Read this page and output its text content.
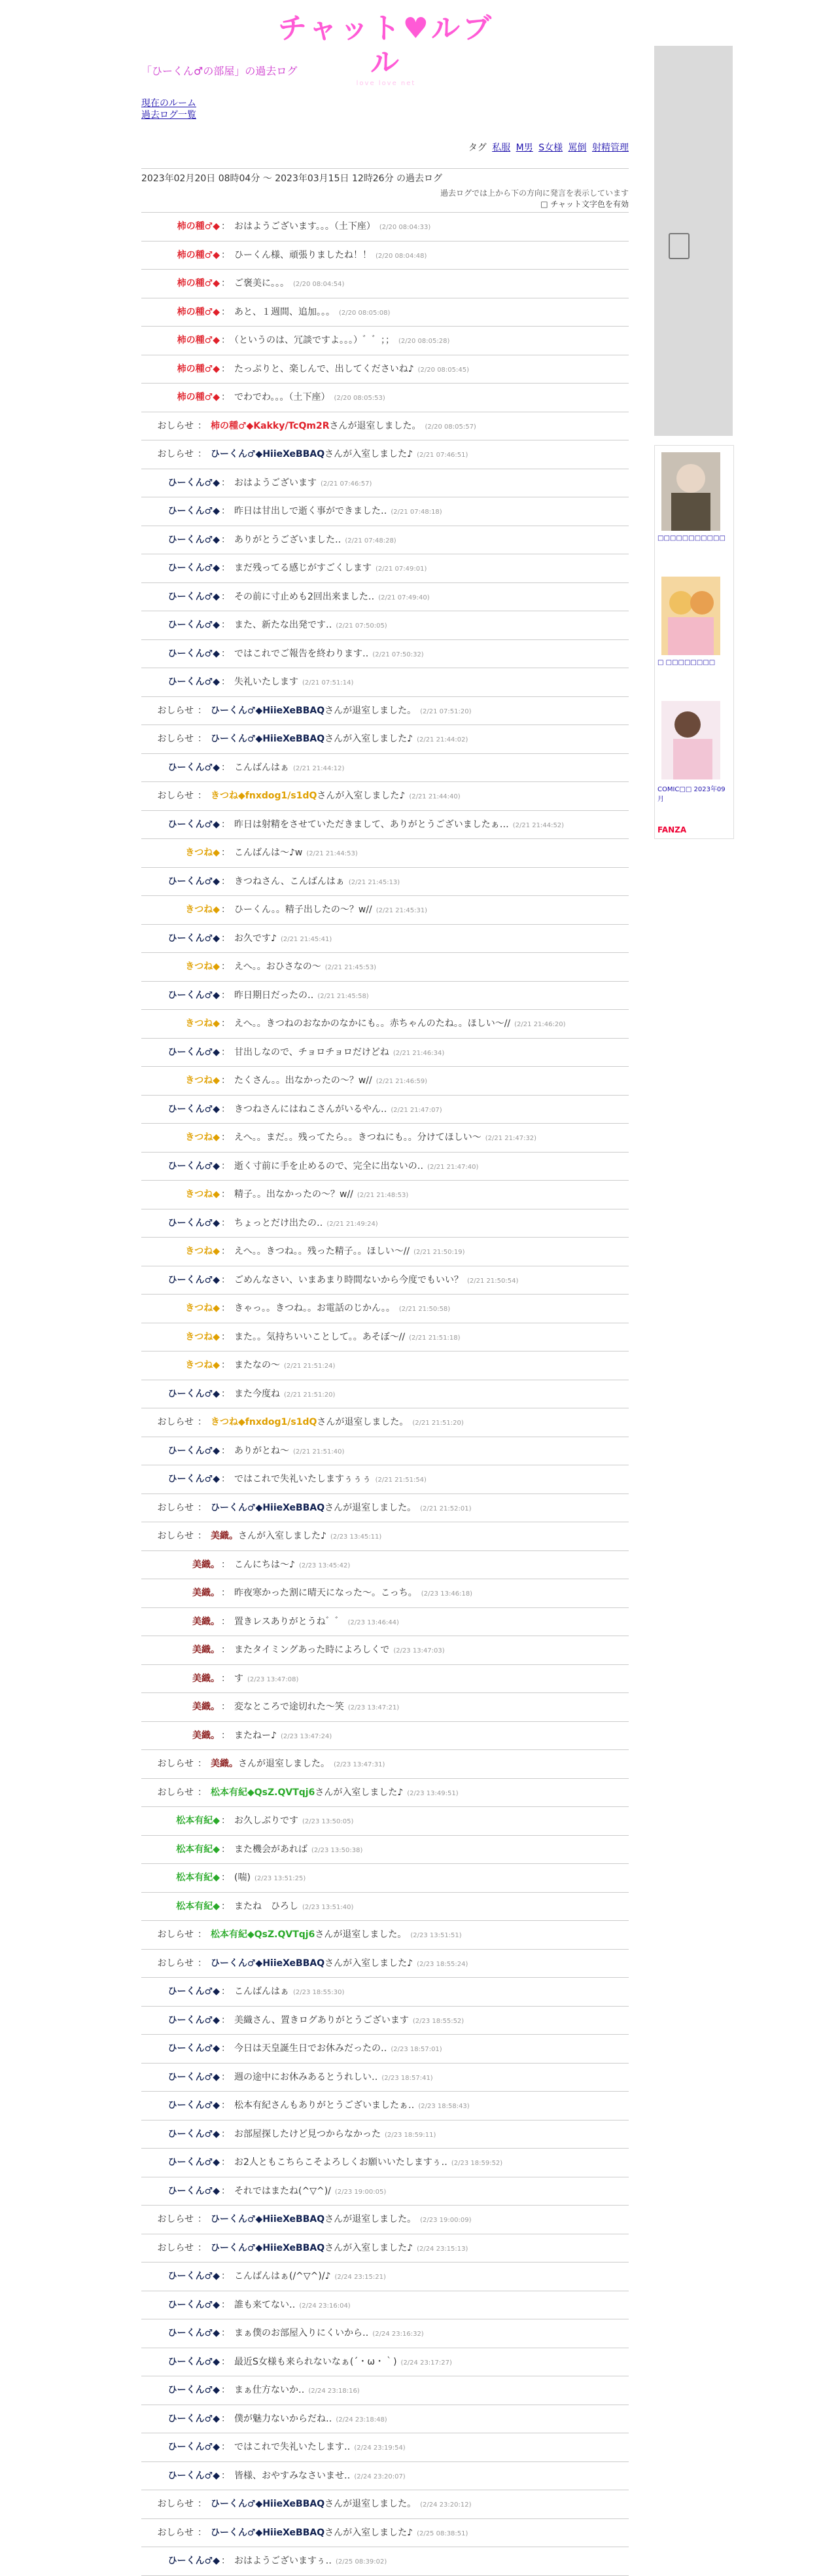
チャット♥ルブル
love love net
「ひーくん♂の部屋」の過去ログ
現在のルーム
過去ログ一覧
タグ 私服 M男 S女様 罵倒 射精管理
2023年02月20日 08時04分 ～ 2023年03月15日 12時26分 の過去ログ
過去ログでは上から下の方向に発言を表示しています
□ チャット文字色を有効
柿の種♂◆ ： おはようございます。。。（土下座） (2/20 08:04:33)
柿の種♂◆ ： ひーくん様、頑張りましたね！！ (2/20 08:04:48)
柿の種♂◆ ： ご褒美に。。。 (2/20 08:04:54)
柿の種♂◆ ： あと、１週間、追加。。。 (2/20 08:05:08)
柿の種♂◆ ： （というのは、冗談ですよ。。。）゛゛；； (2/20 08:05:28)
柿の種♂◆ ： たっぷりと、楽しんで、出してくださいね♪ (2/20 08:05:45)
柿の種♂◆ ： でわでわ。。。（土下座） (2/20 08:05:53)
おしらせ ： 柿の種♂◆Kakky/TcQm2Rさんが退室しました。 (2/20 08:05:57)
おしらせ ： ひーくん♂◆HiieXeBBAQさんが入室しました♪ (2/21 07:46:51)
ひーくん♂◆ ： おはようございます (2/21 07:46:57)
ひーくん♂◆ ： 昨日は甘出しで逝く事ができました‥ (2/21 07:48:18)
ひーくん♂◆ ： ありがとうございました‥ (2/21 07:48:28)
ひーくん♂◆ ： まだ残ってる感じがすごくします (2/21 07:49:01)
ひーくん♂◆ ： その前に寸止めも2回出来ました‥ (2/21 07:49:40)
ひーくん♂◆ ： また、新たな出発です‥ (2/21 07:50:05)
ひーくん♂◆ ： ではこれでご報告を終わります‥ (2/21 07:50:32)
ひーくん♂◆ ： 失礼いたします (2/21 07:51:14)
おしらせ ： ひーくん♂◆HiieXeBBAQさんが退室しました。 (2/21 07:51:20)
おしらせ ： ひーくん♂◆HiieXeBBAQさんが入室しました♪ (2/21 21:44:02)
ひーくん♂◆ ： こんばんはぁ (2/21 21:44:12)
おしらせ ： きつね◆fnxdog1/s1dQさんが入室しました♪ (2/21 21:44:40)
ひーくん♂◆ ： 昨日は射精をさせていただきまして、ありがとうございましたぁ… (2/21 21:44:52)
きつね◆ ： こんばんは〜♪w (2/21 21:44:53)
ひーくん♂◆ ： きつねさん、こんばんはぁ (2/21 21:45:13)
きつね◆ ： ひーくん。。精子出したの〜？w// (2/21 21:45:31)
ひーくん♂◆ ： お久です♪ (2/21 21:45:41)
きつね◆ ： えへ。。おひさなの〜 (2/21 21:45:53)
ひーくん♂◆ ： 昨日期日だったの‥ (2/21 21:45:58)
きつね◆ ： えへ。。きつねのおなかのなかにも。。赤ちゃんのたね。。ほしい〜// (2/21 21:46:20)
ひーくん♂◆ ： 甘出しなので、チョロチョロだけどね (2/21 21:46:34)
きつね◆ ： たくさん。。出なかったの〜？w// (2/21 21:46:59)
ひーくん♂◆ ： きつねさんにはねこさんがいるやん‥ (2/21 21:47:07)
きつね◆ ： えへ。。まだ。。残ってたら。。きつねにも。。分けてほしい〜 (2/21 21:47:32)
ひーくん♂◆ ： 逝く寸前に手を止めるので、完全に出ないの‥ (2/21 21:47:40)
きつね◆ ： 精子。。出なかったの〜？w// (2/21 21:48:53)
ひーくん♂◆ ： ちょっとだけ出たの‥ (2/21 21:49:24)
きつね◆ ： えへ。。きつね。。残った精子。。ほしい〜// (2/21 21:50:19)
ひーくん♂◆ ： ごめんなさい、いまあまり時間ないから今度でもいい？ (2/21 21:50:54)
きつね◆ ： きゃっ。。きつね。。お電話のじかん。。 (2/21 21:50:58)
きつね◆ ： また。。気持ちいいことして。。あそぼ〜// (2/21 21:51:18)
きつね◆ ： またなの〜 (2/21 21:51:24)
ひーくん♂◆ ： また今度ね (2/21 21:51:20)
おしらせ ： きつね◆fnxdog1/s1dQさんが退室しました。 (2/21 21:51:20)
ひーくん♂◆ ： ありがとね〜 (2/21 21:51:40)
ひーくん♂◆ ： ではこれで失礼いたしますぅぅぅ (2/21 21:51:54)
おしらせ ： ひーくん♂◆HiieXeBBAQさんが退室しました。 (2/21 21:52:01)
おしらせ ： 美織。さんが入室しました♪ (2/23 13:45:11)
美織。 ： こんにちは〜♪ (2/23 13:45:42)
美織。 ： 昨夜寒かった割に晴天になった〜。こっち。 (2/23 13:46:18)
美織。 ： 置きレスありがとうね゛゛ (2/23 13:46:44)
美織。 ： またタイミングあった時によろしくで (2/23 13:47:03)
美織。 ： す (2/23 13:47:08)
美織。 ： 変なところで途切れた〜笑 (2/23 13:47:21)
美織。 ： またねー♪ (2/23 13:47:24)
おしらせ ： 美織。さんが退室しました。 (2/23 13:47:31)
おしらせ ： 松本有紀◆QsZ.QVTqj6さんが入室しました♪ (2/23 13:49:51)
松本有紀◆ ： お久しぶりです (2/23 13:50:05)
松本有紀◆ ： また機会があれば (2/23 13:50:38)
松本有紀◆ ： (喘) (2/23 13:51:25)
松本有紀◆ ： またね　ひろし (2/23 13:51:40)
おしらせ ： 松本有紀◆QsZ.QVTqj6さんが退室しました。 (2/23 13:51:51)
おしらせ ： ひーくん♂◆HiieXeBBAQさんが入室しました♪ (2/23 18:55:24)
ひーくん♂◆ ： こんばんはぁ (2/23 18:55:30)
ひーくん♂◆ ： 美織さん、置きログありがとうございます (2/23 18:55:52)
ひーくん♂◆ ： 今日は天皇誕生日でお休みだったの‥ (2/23 18:57:01)
ひーくん♂◆ ： 週の途中にお休みあるとうれしい‥ (2/23 18:57:41)
ひーくん♂◆ ： 松本有紀さんもありがとうございましたぁ‥ (2/23 18:58:43)
ひーくん♂◆ ： お部屋探したけど見つからなかった (2/23 18:59:11)
ひーくん♂◆ ： お2人ともこちらこそよろしくお願いいたしますぅ‥ (2/23 18:59:52)
ひーくん♂◆ ： それではまたね(^▽^)/ (2/23 19:00:05)
おしらせ ： ひーくん♂◆HiieXeBBAQさんが退室しました。 (2/23 19:00:09)
おしらせ ： ひーくん♂◆HiieXeBBAQさんが入室しました♪ (2/24 23:15:13)
ひーくん♂◆ ： こんばんはぁ(/^▽^)/♪ (2/24 23:15:21)
ひーくん♂◆ ： 誰も来てない‥ (2/24 23:16:04)
ひーくん♂◆ ： まぁ僕のお部屋入りにくいから‥ (2/24 23:16:32)
ひーくん♂◆ ： 最近S女様も来られないなぁ(´・ω・｀) (2/24 23:17:27)
ひーくん♂◆ ： まぁ仕方ないか‥ (2/24 23:18:16)
ひーくん♂◆ ： 僕が魅力ないからだね‥ (2/24 23:18:48)
ひーくん♂◆ ： ではこれで失礼いたします‥ (2/24 23:19:54)
ひーくん♂◆ ： 皆様、おやすみなさいませ‥ (2/24 23:20:07)
おしらせ ： ひーくん♂◆HiieXeBBAQさんが退室しました。 (2/24 23:20:12)
おしらせ ： ひーくん♂◆HiieXeBBAQさんが入室しました♪ (2/25 08:38:51)
ひーくん♂◆ ： おはようございますぅ‥ (2/25 08:39:02)
□□□□□□□□□□□
□ □□□□□□□□
COMIC□□ 2023年09月
FANZA
